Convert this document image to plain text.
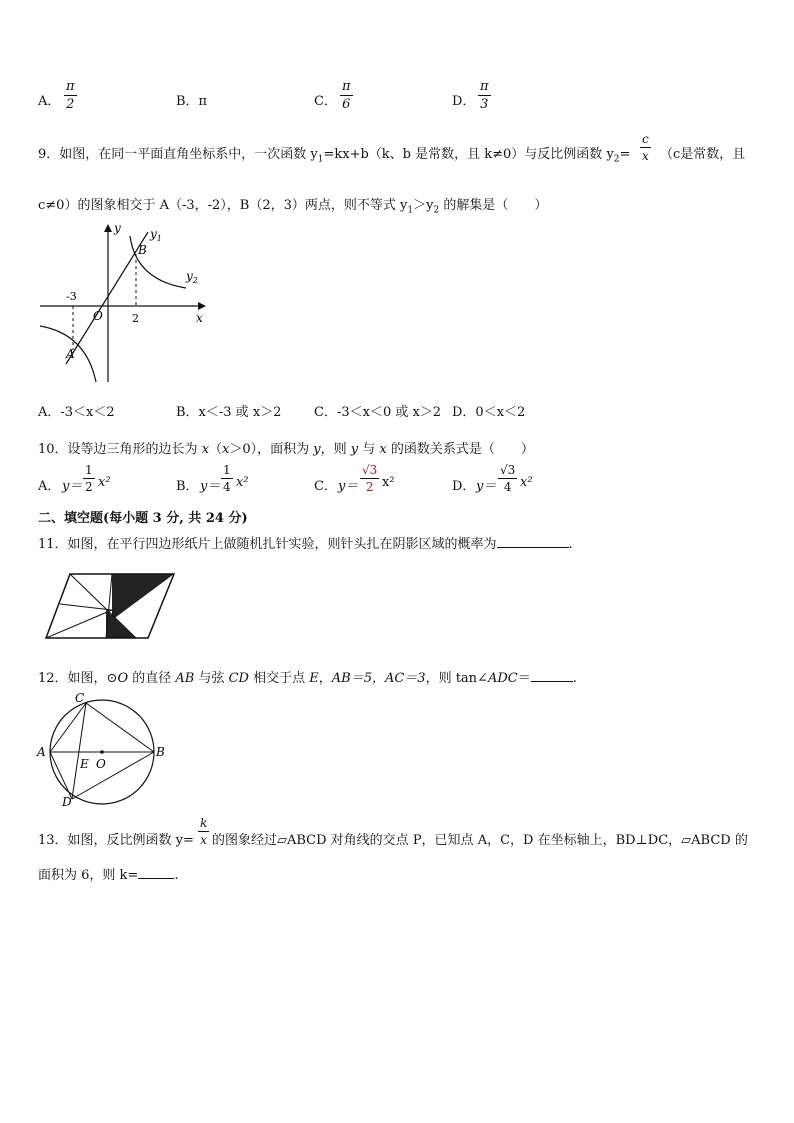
A． $\frac{\pi}{2}$	B．π	C． $\frac{\pi}{6}$	D． $\frac{\pi}{3}$
9．如图，在同一平面直角坐标系中，一次函数 $y_1=kx+b(k$、b 是常数，且 k≠0）与反比例函数 $y_2= \frac{c}{x} (c$是常数，且
c≠0）的图象相交于 A（-3，-2），B（2，3）两点，则不等式 $y_1>y_2$ 的解集是（　　）
y
x
O
$y_1$
$y_2$
B
A
-3
2
A．-3＜x＜2	B．x＜-3 或 x＞2	C．-3＜x＜0 或 x＞2 D．0＜x＜2
10．设等边三角形的边长为 x（x＞0），面积为 y，则 y 与 x 的函数关系式是（　　）
A． $y= \frac{1}{2} x^2$	B． $y= \frac{1}{4} x^2$	C． $y= \frac{√3}{2} x^2$	D． $y= \frac{√3}{4} x^2$
二、填空题(每小题 3 分, 共 24 分)
11．如图，在平行四边形纸片上做随机扎针实验，则针头扎在阴影区域的概率为	.
12．如图，⊙O 的直径 AB 与弦 CD 相交于点 E，AB＝5，AC＝3，则 tan∠ADC＝	.
A	B
C
D
E O
13．如图，反比例函数 $y= \frac{k}{x}$ 的图象经过▱ABCD 对角线的交点 P，已知点 A，C，D 在坐标轴上，BD⊥DC，▱ABCD 的
面积为 6，则 k=	.
